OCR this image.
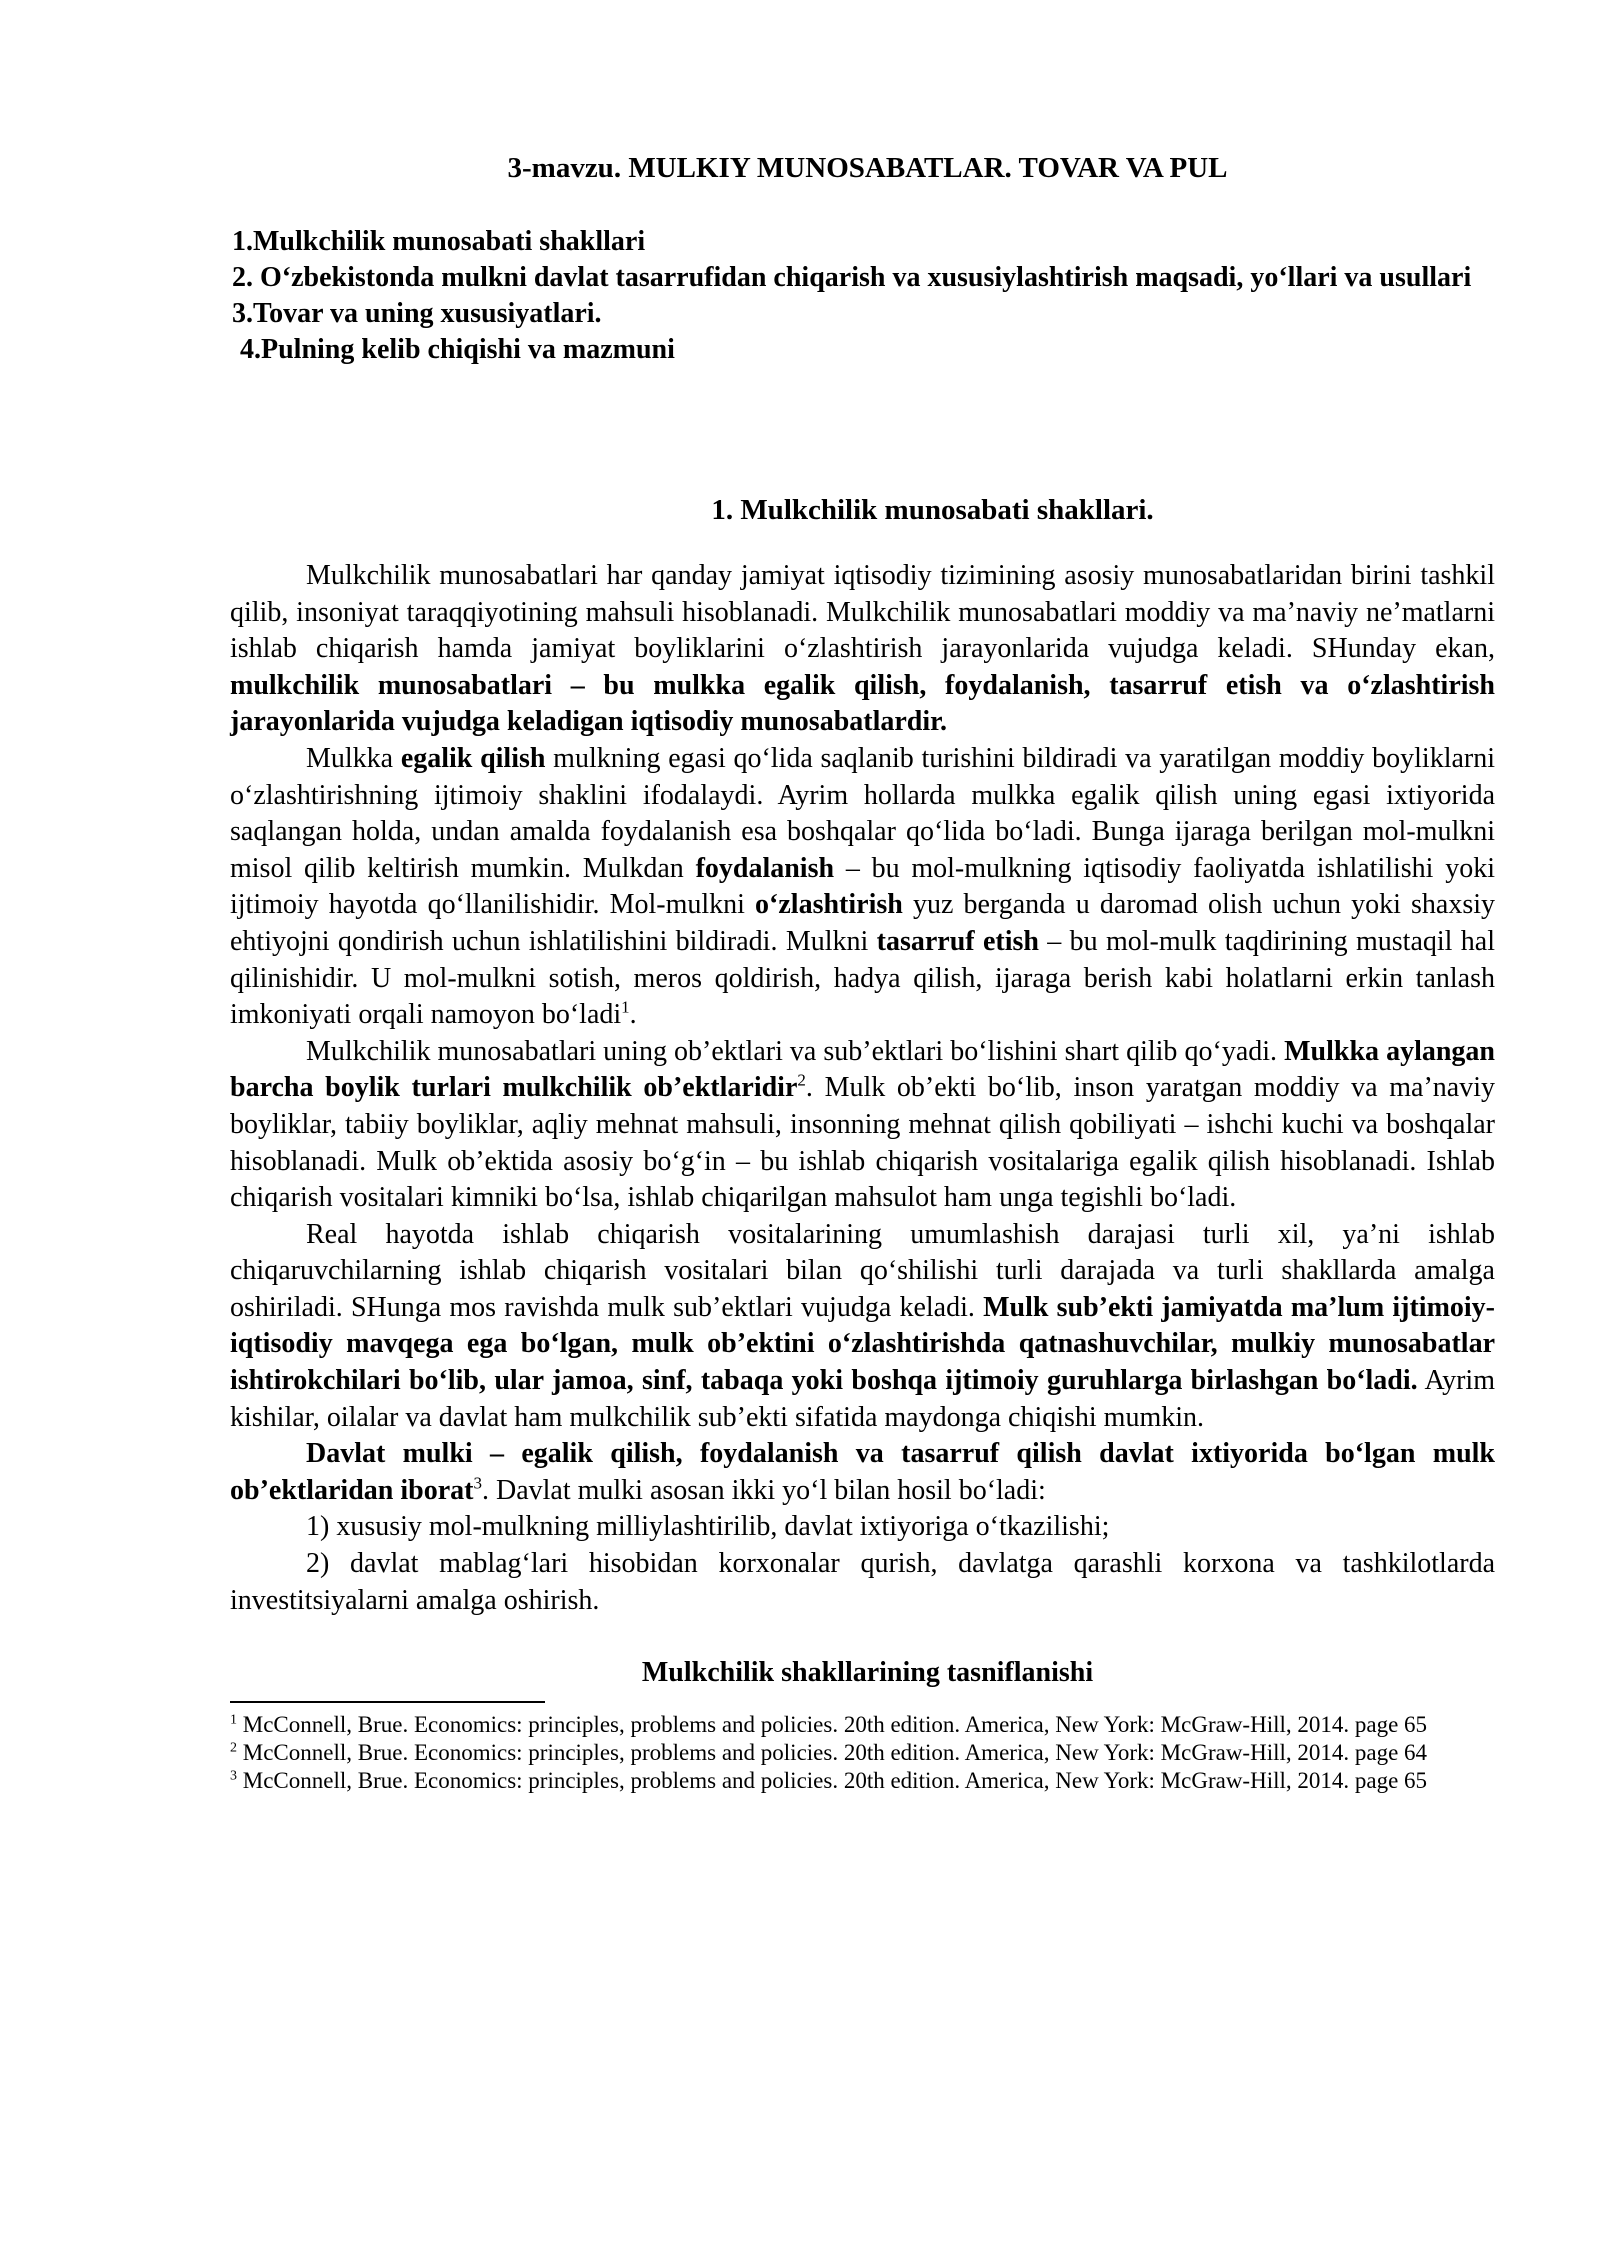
3-mavzu. MULKIY MUNOSABATLAR. TOVAR VA PUL
1.Mulkchilik munosabati shakllari
2. O‘zbekistonda mulkni davlat tasarrufidan chiqarish va xususiylashtirish maqsadi, yo‘llari va usullari
3.Tovar va uning xususiyatlari.
4.Pulning kelib chiqishi va mazmuni
1. Mulkchilik munosabati shakllari.

Mulkchilik munosabatlari har qanday jamiyat iqtisodiy tizimining asosiy munosabatlaridan birini tashkil qilib, insoniyat taraqqiyotining mahsuli hisoblanadi. Mulkchilik munosabatlari moddiy va ma’naviy ne’matlarni ishlab chiqarish hamda jamiyat boyliklarini o‘zlashtirish jarayonlarida vujudga keladi. SHunday ekan, mulkchilik munosabatlari – bu mulkka egalik qilish, foydalanish, tasarruf etish va o‘zlashtirish jarayonlarida vujudga keladigan iqtisodiy munosabatlardir.

Mulkka egalik qilish mulkning egasi qo‘lida saqlanib turishini bildiradi va yaratilgan moddiy boyliklarni o‘zlashtirishning ijtimoiy shaklini ifodalaydi. Ayrim hollarda mulkka egalik qilish uning egasi ixtiyorida saqlangan holda, undan amalda foydalanish esa boshqalar qo‘lida bo‘ladi. Bunga ijaraga berilgan mol-mulkni misol qilib keltirish mumkin. Mulkdan foydalanish – bu mol-mulkning iqtisodiy faoliyatda ishlatilishi yoki ijtimoiy hayotda qo‘llanilishidir. Mol-mulkni o‘zlashtirish yuz berganda u daromad olish uchun yoki shaxsiy ehtiyojni qondirish uchun ishlatilishini bildiradi. Mulkni tasarruf etish – bu mol-mulk taqdirining mustaqil hal qilinishidir. U mol-mulkni sotish, meros qoldirish, hadya qilish, ijaraga berish kabi holatlarni erkin tanlash imkoniyati orqali namoyon bo‘ladi$^1$.

Mulkchilik munosabatlari uning ob’ektlari va sub’ektlari bo‘lishini shart qilib qo‘yadi. Mulkka aylangan barcha boylik turlari mulkchilik ob’ektlaridir$^2$. Mulk ob’ekti bo‘lib, inson yaratgan moddiy va ma’naviy boyliklar, tabiiy boyliklar, aqliy mehnat mahsuli, insonning mehnat qilish qobiliyati – ishchi kuchi va boshqalar hisoblanadi. Mulk ob’ektida asosiy bo‘g‘in – bu ishlab chiqarish vositalariga egalik qilish hisoblanadi. Ishlab chiqarish vositalari kimniki bo‘lsa, ishlab chiqarilgan mahsulot ham unga tegishli bo‘ladi.

Real hayotda ishlab chiqarish vositalarining umumlashish darajasi turli xil, ya’ni ishlab chiqaruvchilarning ishlab chiqarish vositalari bilan qo‘shilishi turli darajada va turli shakllarda amalga oshiriladi. SHunga mos ravishda mulk sub’ektlari vujudga keladi. Mulk sub’ekti jamiyatda ma’lum ijtimoiy-iqtisodiy mavqega ega bo‘lgan, mulk ob’ektini o‘zlashtirishda qatnashuvchilar, mulkiy munosabatlar ishtirokchilari bo‘lib, ular jamoa, sinf, tabaqa yoki boshqa ijtimoiy guruhlarga birlashgan bo‘ladi. Ayrim kishilar, oilalar va davlat ham mulkchilik sub’ekti sifatida maydonga chiqishi mumkin.

Davlat mulki – egalik qilish, foydalanish va tasarruf qilish davlat ixtiyorida bo‘lgan mulk ob’ektlaridan iborat$^3$. Davlat mulki asosan ikki yo‘l bilan hosil bo‘ladi:

1) xususiy mol-mulkning milliylashtirilib, davlat ixtiyoriga o‘tkazilishi;

2) davlat mablag‘lari hisobidan korxonalar qurish, davlatga qarashli korxona va tashkilotlarda investitsiyalarni amalga oshirish.

Mulkchilik shakllarining tasniflanishi

$^1$ McConnell, Brue. Economics: principles, problems and policies. 20th edition. America, New York: McGraw-Hill, 2014. page 65

$^2$ McConnell, Brue. Economics: principles, problems and policies. 20th edition. America, New York: McGraw-Hill, 2014. page 64

$^3$ McConnell, Brue. Economics: principles, problems and policies. 20th edition. America, New York: McGraw-Hill, 2014. page 65
